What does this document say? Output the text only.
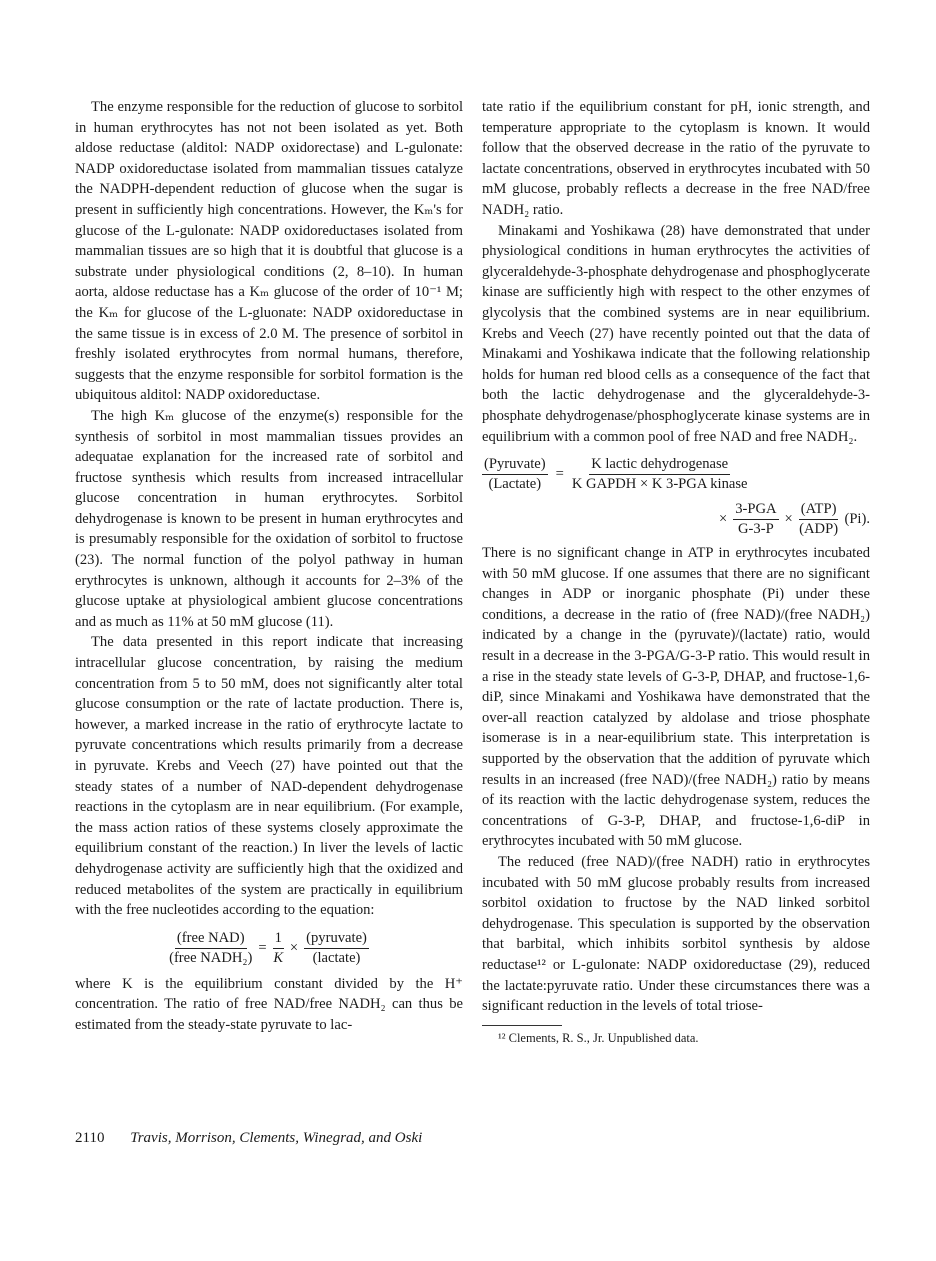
The enzyme responsible for the reduction of glucose to sorbitol in human erythrocytes has not not been isolated as yet. Both aldose reductase (alditol: NADP oxidorectase) and L-gulonate: NADP oxidoreductase isolated from mammalian tissues catalyze the NADPH-dependent reduction of glucose when the sugar is present in sufficiently high concentrations. However, the Kₘ's for glucose of the L-gulonate: NADP oxidoreductases isolated from mammalian tissues are so high that it is doubtful that glucose is a substrate under physiological conditions (2, 8–10). In human aorta, aldose reductase has a Kₘ glucose of the order of 10⁻¹ M; the Kₘ for glucose of the L-gluonate: NADP oxidoreductase in the same tissue is in excess of 2.0 M. The presence of sorbitol in freshly isolated erythrocytes from normal humans, therefore, suggests that the enzyme responsible for sorbitol formation is the ubiquitous alditol: NADP oxidoreductase.

The high Kₘ glucose of the enzyme(s) responsible for the synthesis of sorbitol in most mammalian tissues provides an adequatae explanation for the increased rate of sorbitol and fructose synthesis which results from increased intracellular glucose concentration in human erythrocytes. Sorbitol dehydrogenase is known to be present in human erythrocytes and is presumably responsible for the oxidation of sorbitol to fructose (23). The normal function of the polyol pathway in human erythrocytes is unknown, although it accounts for 2–3% of the glucose uptake at physiological ambient glucose concentrations and as much as 11% at 50 mM glucose (11).

The data presented in this report indicate that increasing intracellular glucose concentration, by raising the medium concentration from 5 to 50 mM, does not significantly alter total glucose consumption or the rate of lactate production. There is, however, a marked increase in the ratio of erythrocyte lactate to pyruvate concentrations which results primarily from a decrease in pyruvate. Krebs and Veech (27) have pointed out that the steady states of a number of NAD-dependent dehydrogenase reactions in the cytoplasm are in near equilibrium. (For example, the mass action ratios of these systems closely approximate the equilibrium constant of the reaction.) In liver the levels of lactic dehydrogenase activity are sufficiently high that the oxidized and reduced metabolites of the system are practically in equilibrium with the free nucleotides according to the equation:

$\frac{\text{(free NAD)}}{\text{(free NADH₂)}} = \frac{1}{K} \times \frac{\text{(pyruvate)}}{\text{(lactate)}}$

where K is the equilibrium constant divided by the H⁺ concentration. The ratio of free NAD/free NADH₂ can thus be estimated from the steady-state pyruvate to lac-

tate ratio if the equilibrium constant for pH, ionic strength, and temperature appropriate to the cytoplasm is known. It would follow that the observed decrease in the ratio of the pyruvate to lactate concentrations, observed in erythrocytes incubated with 50 mM glucose, probably reflects a decrease in the free NAD/free NADH₂ ratio.

Minakami and Yoshikawa (28) have demonstrated that under physiological conditions in human erythrocytes the activities of glyceraldehyde-3-phosphate dehydrogenase and phosphoglycerate kinase are sufficiently high with respect to the other enzymes of glycolysis that the combined systems are in near equilibrium. Krebs and Veech (27) have recently pointed out that the data of Minakami and Yoshikawa indicate that the following relationship holds for human red blood cells as a consequence of the fact that both the lactic dehydrogenase and the glyceraldehyde-3-phosphate dehydrogenase/phosphoglycerate kinase systems are in equilibrium with a common pool of free NAD and free NADH₂.

$\frac{\text{(Pyruvate)}}{\text{(Lactate)}} = \frac{\text{K lactic dehydrogenase}}{\text{K GAPDH × K 3-PGA kinase}}$
× $\frac{\text{3-PGA}}{G-3-P} \times \frac{\text{(ATP)}}{\text{(ADP)}} (Pi)$.

There is no significant change in ATP in erythrocytes incubated with 50 mM glucose. If one assumes that there are no significant changes in ADP or inorganic phosphate (Pi) under these conditions, a decrease in the ratio of (free NAD)/(free NADH₂) indicated by a change in the (pyruvate)/(lactate) ratio, would result in a decrease in the 3-PGA/G-3-P ratio. This would result in a rise in the steady state levels of G-3-P, DHAP, and fructose-1,6-diP, since Minakami and Yoshikawa have demonstrated that the over-all reaction catalyzed by aldolase and triose phosphate isomerase is in a near-equilibrium state. This interpretation is supported by the observation that the addition of pyruvate which results in an increased (free NAD)/(free NADH₂) ratio by means of its reaction with the lactic dehydrogenase system, reduces the concentrations of G-3-P, DHAP, and fructose-1,6-diP in erythrocytes incubated with 50 mM glucose.

The reduced (free NAD)/(free NADH) ratio in erythrocytes incubated with 50 mM glucose probably results from increased sorbitol oxidation to fructose by the NAD linked sorbitol dehydrogenase. This speculation is supported by the observation that barbital, which inhibits sorbitol synthesis by aldose reductase¹² or L-gulonate: NADP oxidoreductase (29), reduced the lactate:pyruvate ratio. Under these circumstances there was a significant reduction in the levels of total triose-

¹² Clements, R. S., Jr. Unpublished data.

2110 Travis, Morrison, Clements, Winegrad, and Oski
